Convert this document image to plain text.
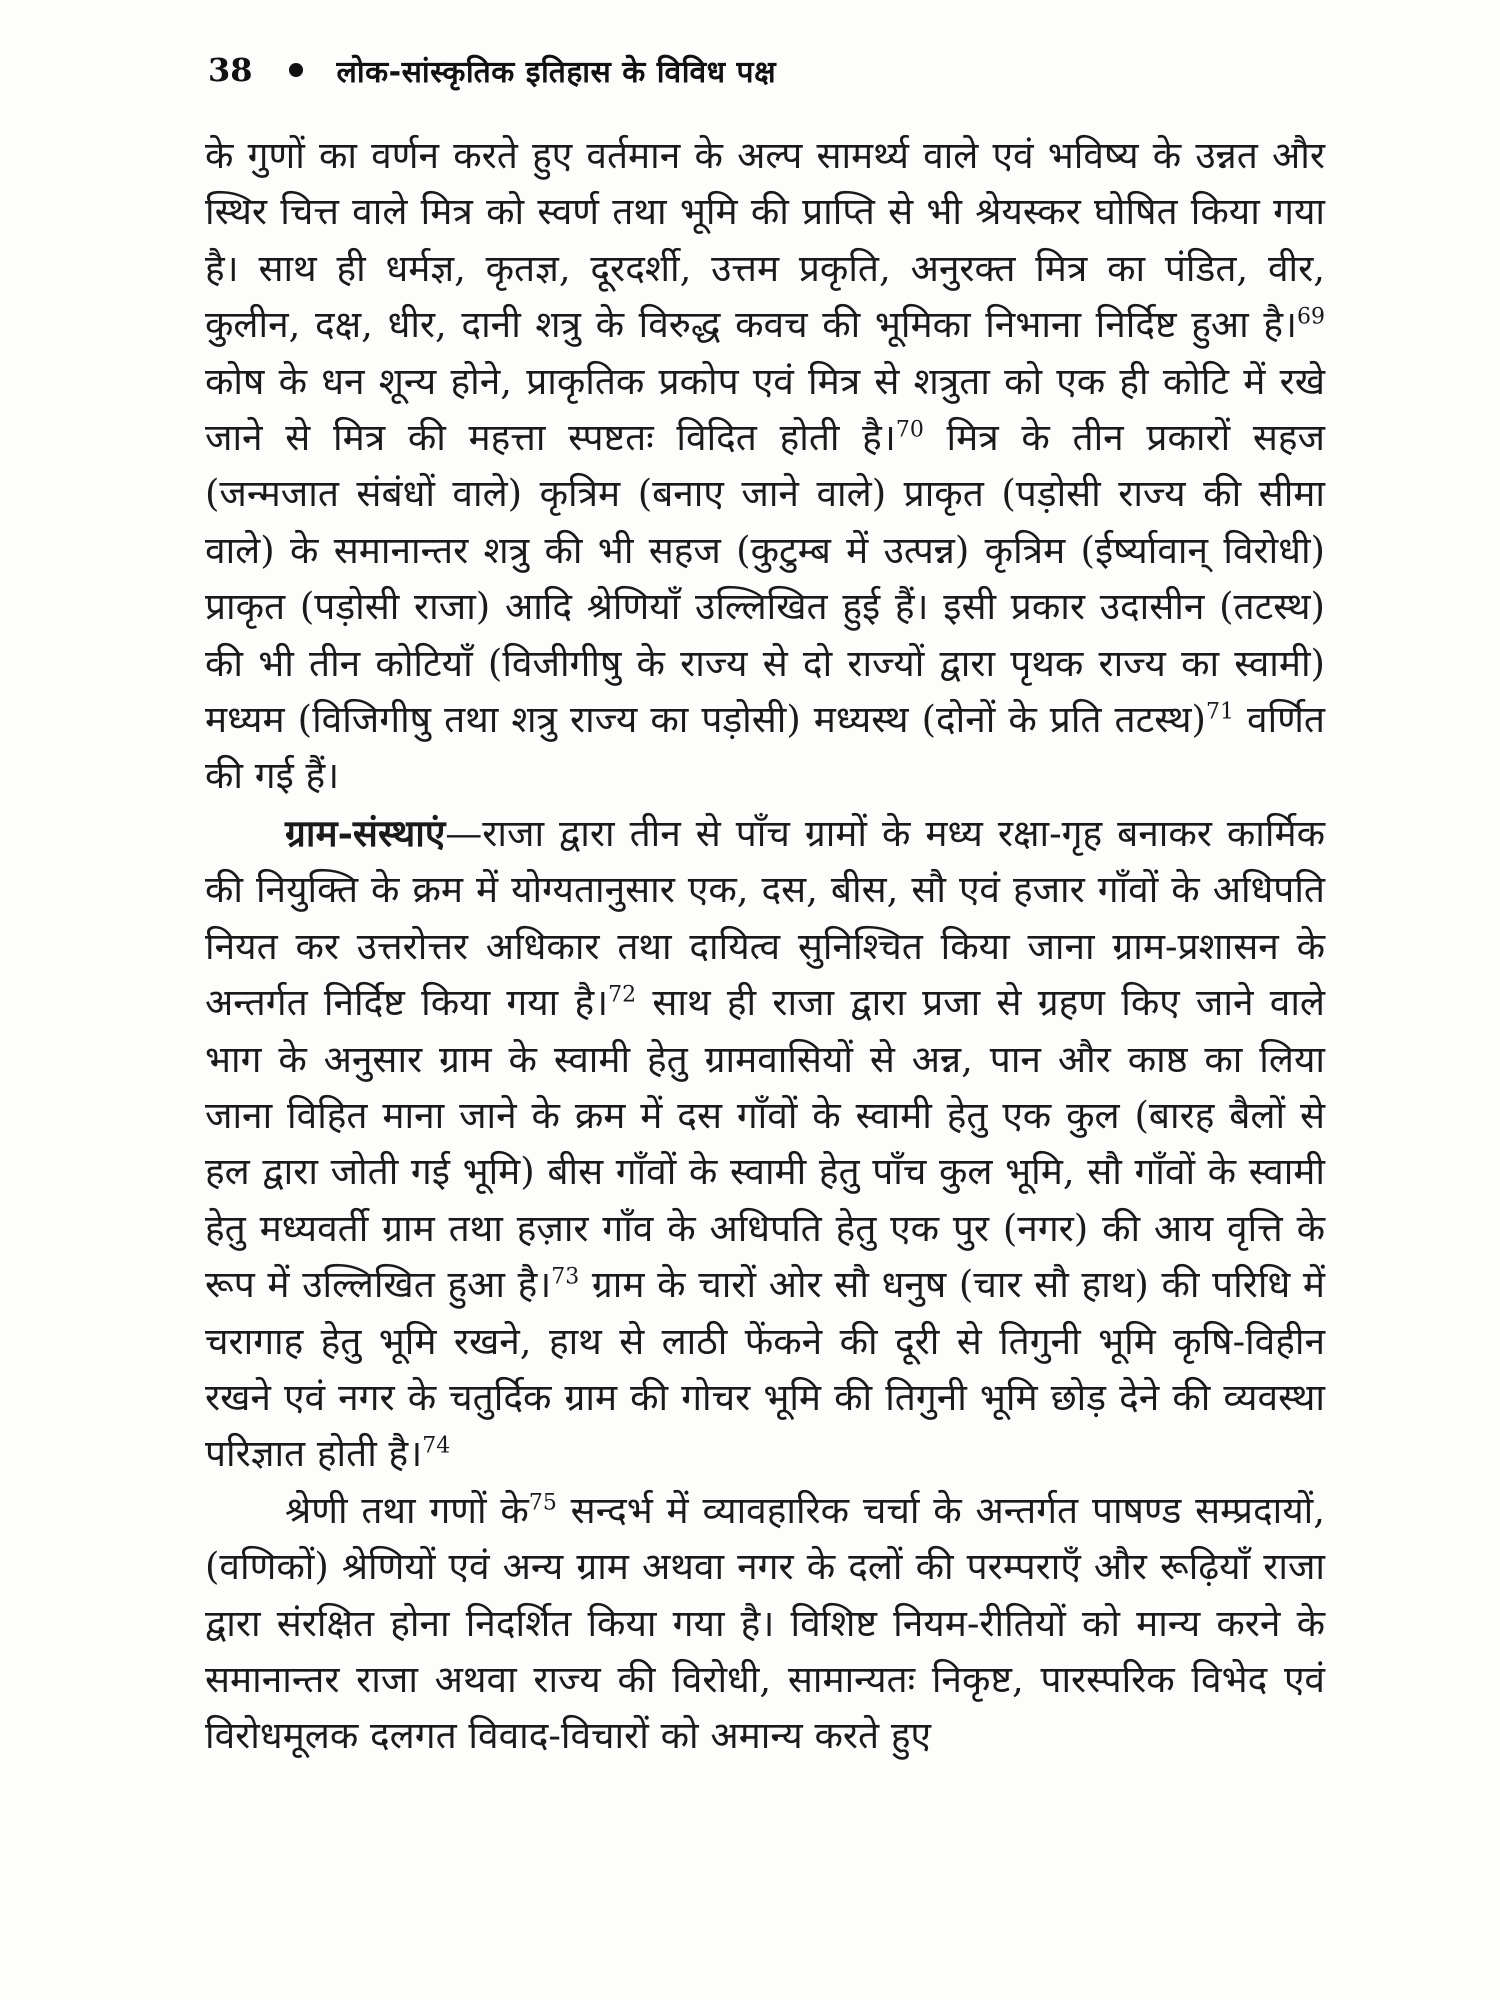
38	लोक-सांस्कृतिक इतिहास के विविध पक्ष

के गुणों का वर्णन करते हुए वर्तमान के अल्प सामर्थ्य वाले एवं भविष्य के उन्नत और स्थिर चित्त वाले मित्र को स्वर्ण तथा भूमि की प्राप्ति से भी श्रेयस्कर घोषित किया गया है। साथ ही धर्मज्ञ, कृतज्ञ, दूरदर्शी, उत्तम प्रकृति, अनुरक्त मित्र का पंडित, वीर, कुलीन, दक्ष, धीर, दानी शत्रु के विरुद्ध कवच की भूमिका निभाना निर्दिष्ट हुआ है।$^{69}$ कोष के धन शून्य होने, प्राकृतिक प्रकोप एवं मित्र से शत्रुता को एक ही कोटि में रखे जाने से मित्र की महत्ता स्पष्टतः विदित होती है।$^{70}$ मित्र के तीन प्रकारों सहज (जन्मजात संबंधों वाले) कृत्रिम (बनाए जाने वाले) प्राकृत (पड़ोसी राज्य की सीमा वाले) के समानान्तर शत्रु की भी सहज (कुटुम्ब में उत्पन्न) कृत्रिम (ईर्ष्यावान् विरोधी) प्राकृत (पड़ोसी राजा) आदि श्रेणियाँ उल्लिखित हुई हैं। इसी प्रकार उदासीन (तटस्थ) की भी तीन कोटियाँ (विजीगीषु के राज्य से दो राज्यों द्वारा पृथक राज्य का स्वामी) मध्यम (विजिगीषु तथा शत्रु राज्य का पड़ोसी) मध्यस्थ (दोनों के प्रति तटस्थ)$^{71}$ वर्णित की गई हैं।

ग्राम-संस्थाएं—राजा द्वारा तीन से पाँच ग्रामों के मध्य रक्षा-गृह बनाकर कार्मिक की नियुक्ति के क्रम में योग्यतानुसार एक, दस, बीस, सौ एवं हजार गाँवों के अधिपति नियत कर उत्तरोत्तर अधिकार तथा दायित्व सुनिश्चित किया जाना ग्राम-प्रशासन के अन्तर्गत निर्दिष्ट किया गया है।$^{72}$ साथ ही राजा द्वारा प्रजा से ग्रहण किए जाने वाले भाग के अनुसार ग्राम के स्वामी हेतु ग्रामवासियों से अन्न, पान और काष्ठ का लिया जाना विहित माना जाने के क्रम में दस गाँवों के स्वामी हेतु एक कुल (बारह बैलों से हल द्वारा जोती गई भूमि) बीस गाँवों के स्वामी हेतु पाँच कुल भूमि, सौ गाँवों के स्वामी हेतु मध्यवर्ती ग्राम तथा हज़ार गाँव के अधिपति हेतु एक पुर (नगर) की आय वृत्ति के रूप में उल्लिखित हुआ है।$^{73}$ ग्राम के चारों ओर सौ धनुष (चार सौ हाथ) की परिधि में चरागाह हेतु भूमि रखने, हाथ से लाठी फेंकने की दूरी से तिगुनी भूमि कृषि-विहीन रखने एवं नगर के चतुर्दिक ग्राम की गोचर भूमि की तिगुनी भूमि छोड़ देने की व्यवस्था परिज्ञात होती है।$^{74}$

श्रेणी तथा गणों के$^{75}$ सन्दर्भ में व्यावहारिक चर्चा के अन्तर्गत पाषण्ड सम्प्रदायों, (वणिकों) श्रेणियों एवं अन्य ग्राम अथवा नगर के दलों की परम्पराएँ और रूढ़ियाँ राजा द्वारा संरक्षित होना निदर्शित किया गया है। विशिष्ट नियम-रीतियों को मान्य करने के समानान्तर राजा अथवा राज्य की विरोधी, सामान्यतः निकृष्ट, पारस्परिक विभेद एवं विरोधमूलक दलगत विवाद-विचारों को अमान्य करते हुए
